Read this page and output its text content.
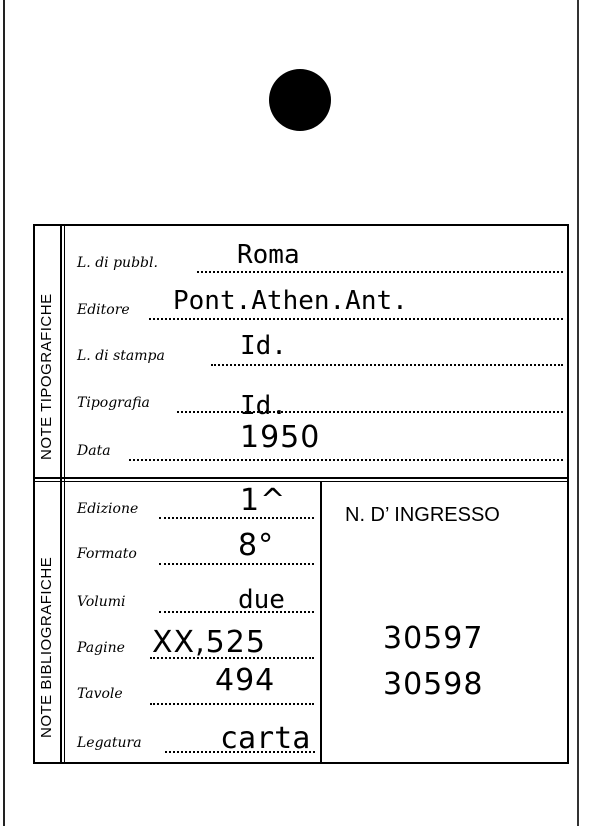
NOTE TIPOGRAFICHE
NOTE BIBLIOGRAFICHE
L. di pubbl.	Roma
Editore Pont.Athen.Ant.
L. di stampa	Id.
Tipografia	Id.
Data	1950
Edizione	1^
Formato	8°
Volumi	due
Pagine XX,525
Tavole	494
Legatura	carta
N. D’ INGRESSO
30597
30598
